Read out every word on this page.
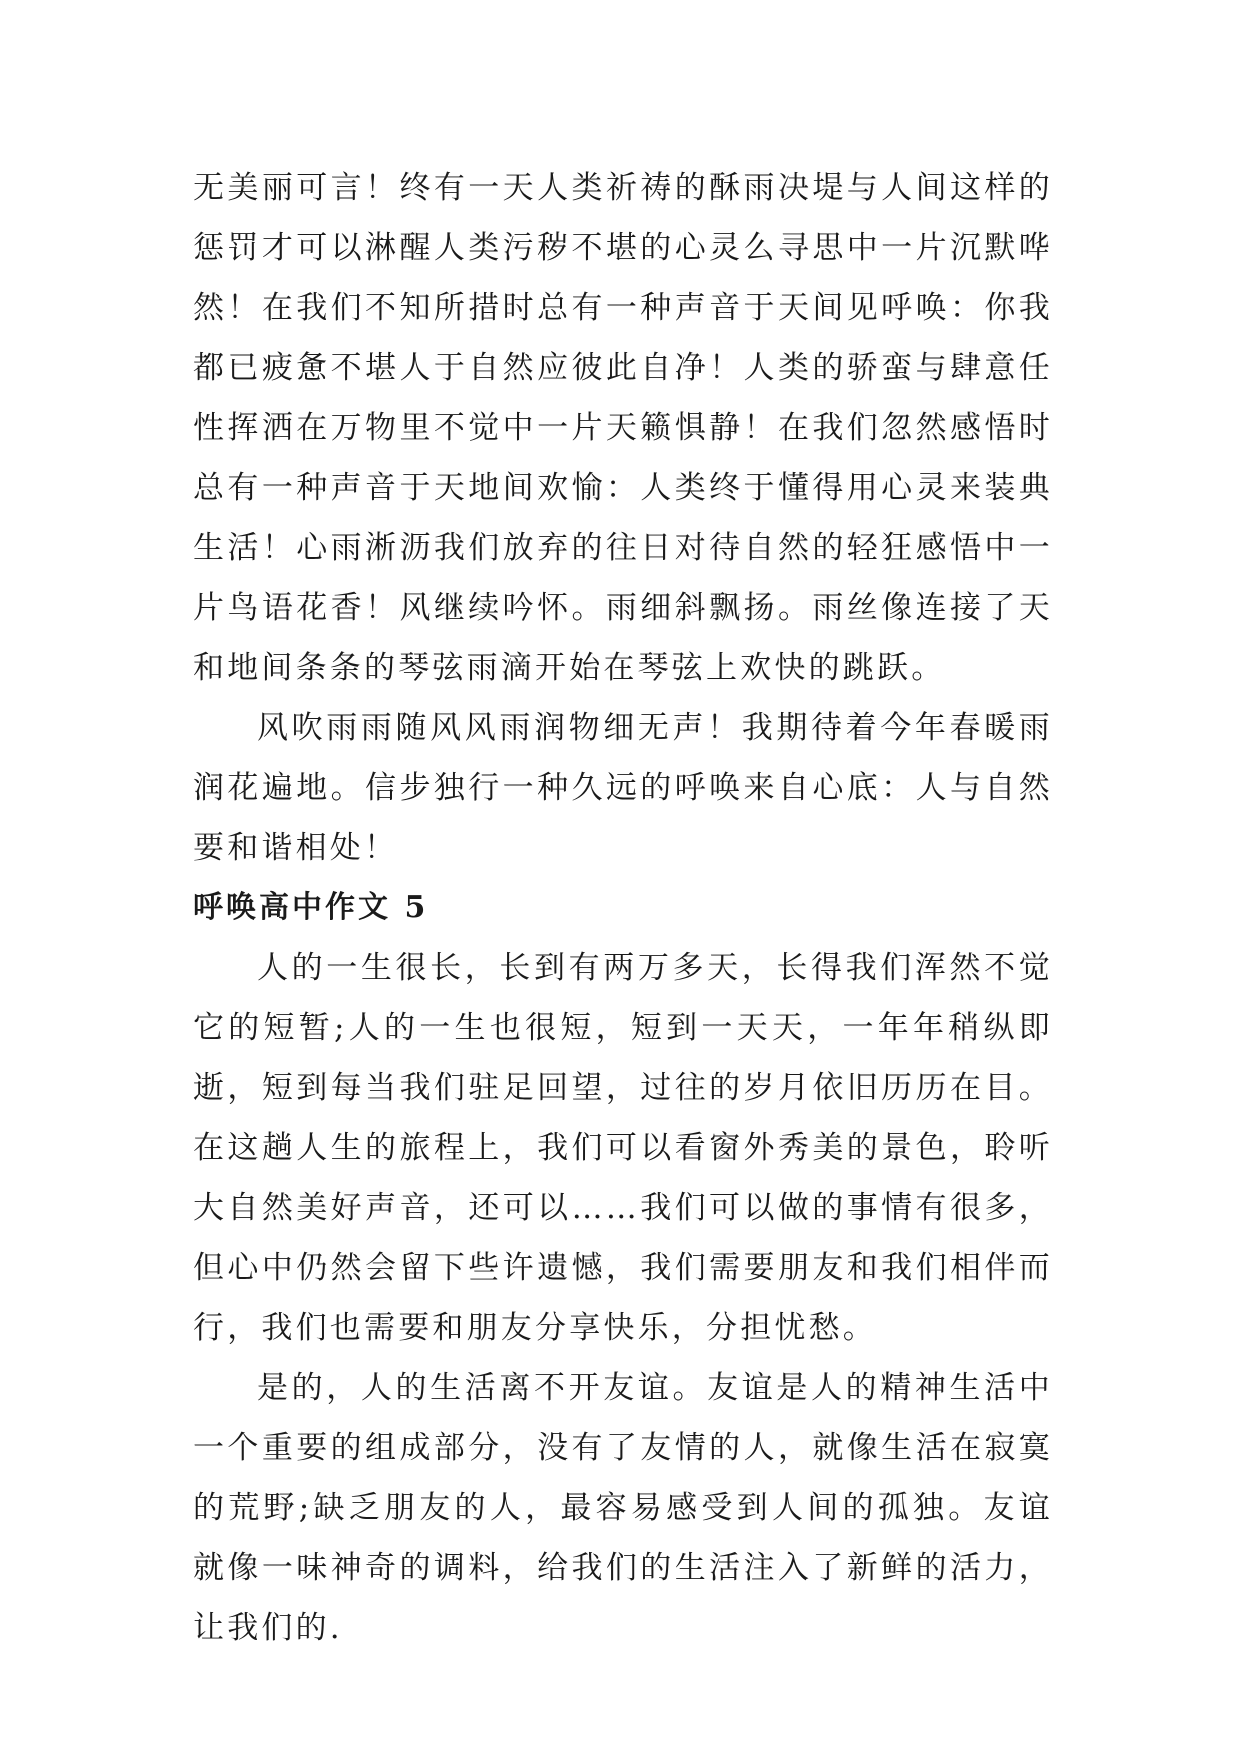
无美丽可言！终有一天人类祈祷的酥雨决堤与人间这样的惩罚才可以淋醒人类污秽不堪的心灵么寻思中一片沉默哗然！在我们不知所措时总有一种声音于天间见呼唤：你我都已疲惫不堪人于自然应彼此自净！人类的骄蛮与肆意任性挥洒在万物里不觉中一片天籁惧静！在我们忽然感悟时总有一种声音于天地间欢愉：人类终于懂得用心灵来装典生活！心雨淅沥我们放弃的往日对待自然的轻狂感悟中一片鸟语花香！风继续吟怀。雨细斜飘扬。雨丝像连接了天和地间条条的琴弦雨滴开始在琴弦上欢快的跳跃。

风吹雨雨随风风雨润物细无声！我期待着今年春暖雨润花遍地。信步独行一种久远的呼唤来自心底：人与自然要和谐相处！

呼唤高中作文 5

人的一生很长，长到有两万多天，长得我们浑然不觉它的短暂;人的一生也很短，短到一天天，一年年稍纵即逝，短到每当我们驻足回望，过往的岁月依旧历历在目。在这趟人生的旅程上，我们可以看窗外秀美的景色，聆听大自然美好声音，还可以……我们可以做的事情有很多，但心中仍然会留下些许遗憾，我们需要朋友和我们相伴而行，我们也需要和朋友分享快乐，分担忧愁。

是的，人的生活离不开友谊。友谊是人的精神生活中一个重要的组成部分，没有了友情的人，就像生活在寂寞的荒野;缺乏朋友的人，最容易感受到人间的孤独。友谊就像一味神奇的调料，给我们的生活注入了新鲜的活力，让我们的.
